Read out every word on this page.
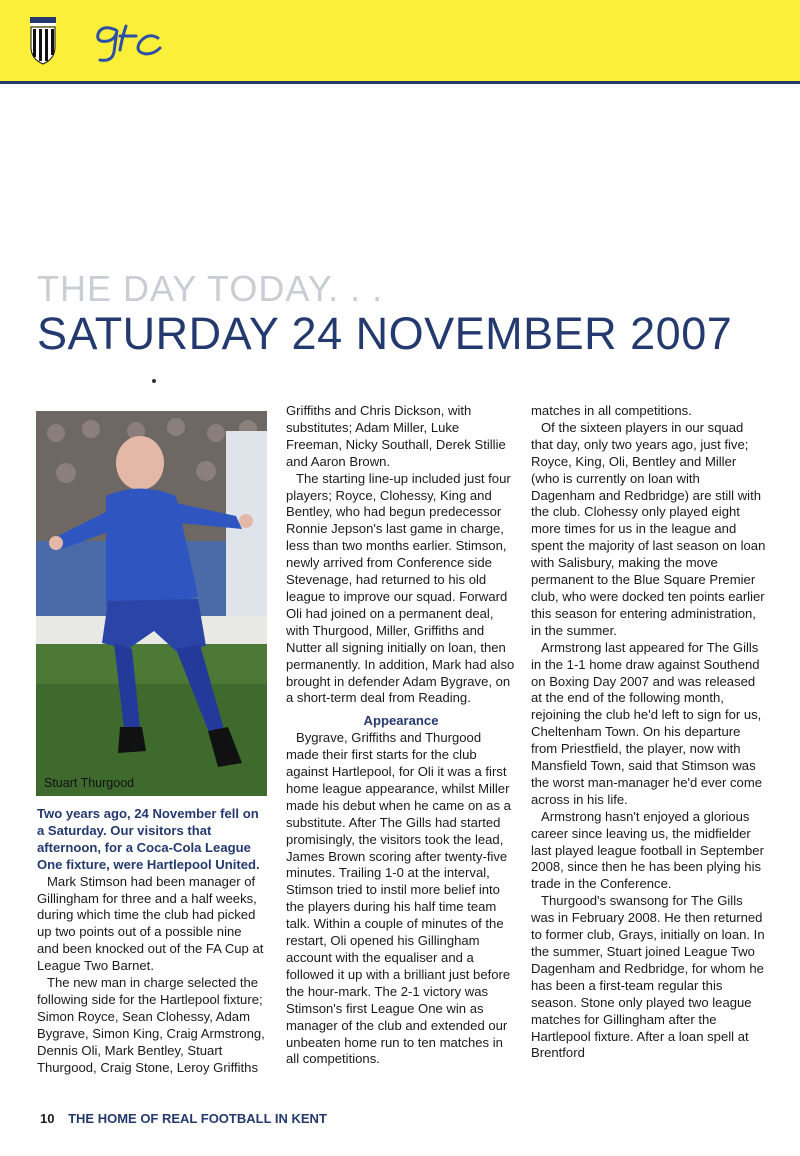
THE DAY TODAY. . .
SATURDAY 24 NOVEMBER 2007
Stuart Thurgood

Two years ago, 24 November fell on a Saturday. Our visitors that afternoon, for a Coca-Cola League One fixture, were Hartlepool United.

Mark Stimson had been manager of Gillingham for three and a half weeks, during which time the club had picked up two points out of a possible nine and been knocked out of the FA Cup at League Two Barnet.

The new man in charge selected the following side for the Hartlepool fixture; Simon Royce, Sean Clohessy, Adam Bygrave, Simon King, Craig Armstrong, Dennis Oli, Mark Bentley, Stuart Thurgood, Craig Stone, Leroy Griffiths

Griffiths and Chris Dickson, with substitutes; Adam Miller, Luke Freeman, Nicky Southall, Derek Stillie and Aaron Brown.

The starting line-up included just four players; Royce, Clohessy, King and Bentley, who had begun predecessor Ronnie Jepson's last game in charge, less than two months earlier. Stimson, newly arrived from Conference side Stevenage, had returned to his old league to improve our squad. Forward Oli had joined on a permanent deal, with Thurgood, Miller, Griffiths and Nutter all signing initially on loan, then permanently. In addition, Mark had also brought in defender Adam Bygrave, on a short-term deal from Reading.

Appearance

Bygrave, Griffiths and Thurgood made their first starts for the club against Hartlepool, for Oli it was a first home league appearance, whilst Miller made his debut when he came on as a substitute. After The Gills had started promisingly, the visitors took the lead, James Brown scoring after twenty-five minutes. Trailing 1-0 at the interval, Stimson tried to instil more belief into the players during his half time team talk. Within a couple of minutes of the restart, Oli opened his Gillingham account with the equaliser and a followed it up with a brilliant just before the hour-mark. The 2-1 victory was Stimson's first League One win as manager of the club and extended our unbeaten home run to ten matches in all competitions.

matches in all competitions.

Of the sixteen players in our squad that day, only two years ago, just five; Royce, King, Oli, Bentley and Miller (who is currently on loan with Dagenham and Redbridge) are still with the club. Clohessy only played eight more times for us in the league and spent the majority of last season on loan with Salisbury, making the move permanent to the Blue Square Premier club, who were docked ten points earlier this season for entering administration, in the summer.

Armstrong last appeared for The Gills in the 1-1 home draw against Southend on Boxing Day 2007 and was released at the end of the following month, rejoining the club he'd left to sign for us, Cheltenham Town. On his departure from Priestfield, the player, now with Mansfield Town, said that Stimson was the worst man-manager he'd ever come across in his life.

Armstrong hasn't enjoyed a glorious career since leaving us, the midfielder last played league football in September 2008, since then he has been plying his trade in the Conference.

Thurgood's swansong for The Gills was in February 2008. He then returned to former club, Grays, initially on loan. In the summer, Stuart joined League Two Dagenham and Redbridge, for whom he has been a first-team regular this season. Stone only played two league matches for Gillingham after the Hartlepool fixture. After a loan spell at Brentford

10 THE HOME OF REAL FOOTBALL IN KENT
